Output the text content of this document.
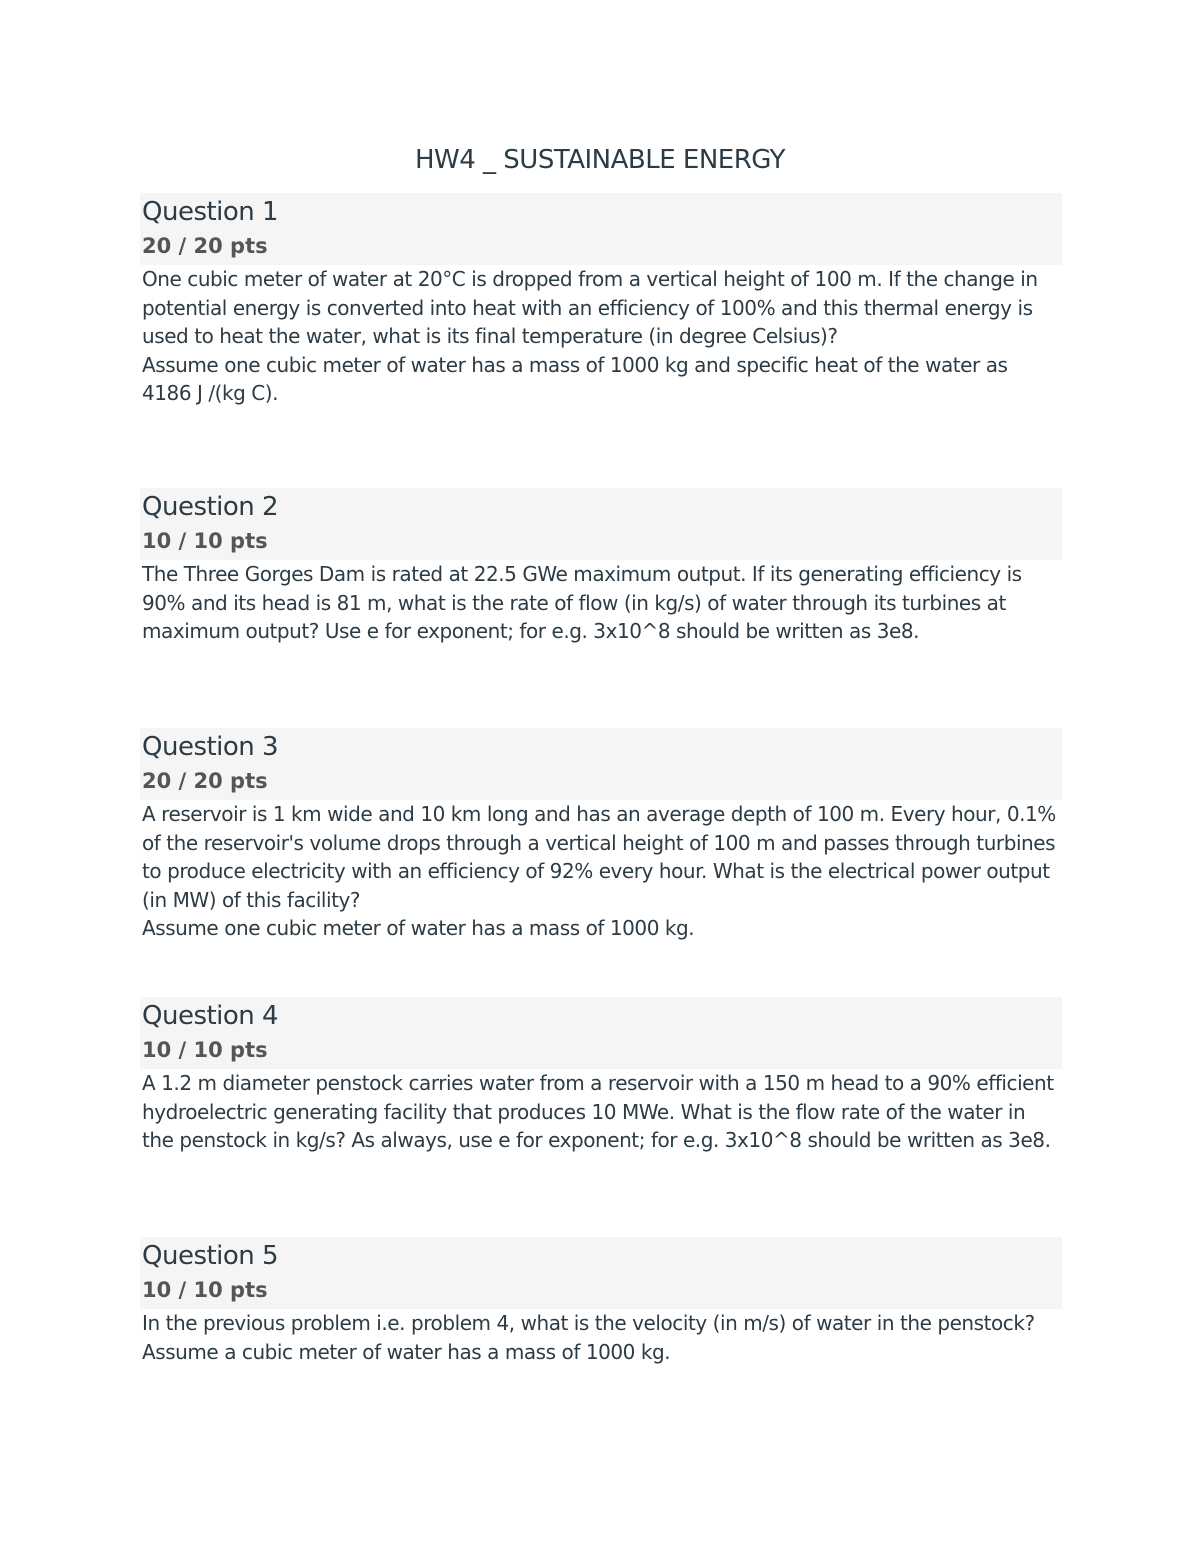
HW4 _ SUSTAINABLE ENERGY
Question 1
20 / 20 pts

One cubic meter of water at 20°C is dropped from a vertical height of 100 m. If the change in potential energy is converted into heat with an efficiency of 100% and this thermal energy is used to heat the water, what is its final temperature (in degree Celsius)?

Assume one cubic meter of water has a mass of 1000 kg and specific heat of the water as 4186 J /(kg C).

Question 2
10 / 10 pts

The Three Gorges Dam is rated at 22.5 GWe maximum output. If its generating efficiency is 90% and its head is 81 m, what is the rate of flow (in kg/s) of water through its turbines at maximum output? Use e for exponent; for e.g. 3x10^8 should be written as 3e8.

Question 3
20 / 20 pts

A reservoir is 1 km wide and 10 km long and has an average depth of 100 m. Every hour, 0.1% of the reservoir's volume drops through a vertical height of 100 m and passes through turbines to produce electricity with an efficiency of 92% every hour. What is the electrical power output (in MW) of this facility?

Assume one cubic meter of water has a mass of 1000 kg.

Question 4
10 / 10 pts

A 1.2 m diameter penstock carries water from a reservoir with a 150 m head to a 90% efficient hydroelectric generating facility that produces 10 MWe. What is the flow rate of the water in the penstock in kg/s? As always, use e for exponent; for e.g. 3x10^8 should be written as 3e8.

Question 5
10 / 10 pts

In the previous problem i.e. problem 4, what is the velocity (in m/s) of water in the penstock? Assume a cubic meter of water has a mass of 1000 kg.
